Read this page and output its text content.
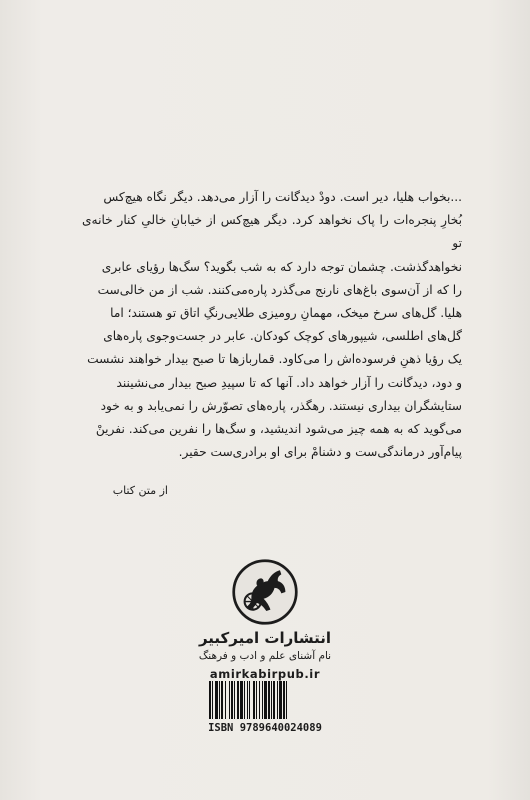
...بخواب هلیا، دیر است. دودْ دیدگانت را آزار می‌دهد. دیگر نگاه هیچ‌کس

بُخارِ پنجره‌ات را پاک نخواهد کرد. دیگر هیچ‌کس از خیابانِ خالیِ کنار خانه‌ی تو

نخواهدگذشت. چشمان توجه دارد که به شب بگوید؟ سگ‌ها رؤیای عابری

را که از آن‌سوی باغ‌های نارنج می‌گذرد پاره‌می‌کنند. شب از من خالی‌ست

هلیا. گل‌های سرخ میخک، مهمانِ رومیزی طلایی‌رنگِ اتاق تو هستند؛ اما

گل‌های اطلسی، شیپورهای کوچک کودکان. عابر در جست‌وجوی پاره‌های

یک رؤیا ذهنِ فرسوده‌اش را می‌کاود. قماربازها تا صبح بیدار خواهند نشست

و دود، دیدگانت را آزار خواهد داد. آنها که تا سپیدِ صبح بیدار می‌نشینند

ستایشگران بیداری نیستند. رهگذر، پاره‌های تصوّرش را نمی‌یابد و به خود

می‌گوید که به همه چیز می‌شود اندیشید، و سگ‌ها را نفرین می‌کند. نفرینْ

پیام‌آور درماندگی‌ست و دشنامْ برای او برادری‌ست حقیر.

از متن کتاب
انتشارات امیرکبیر
نام آشنای علم و ادب و فرهنگ
amirkabirpub.ir
ISBN 9789640024089
